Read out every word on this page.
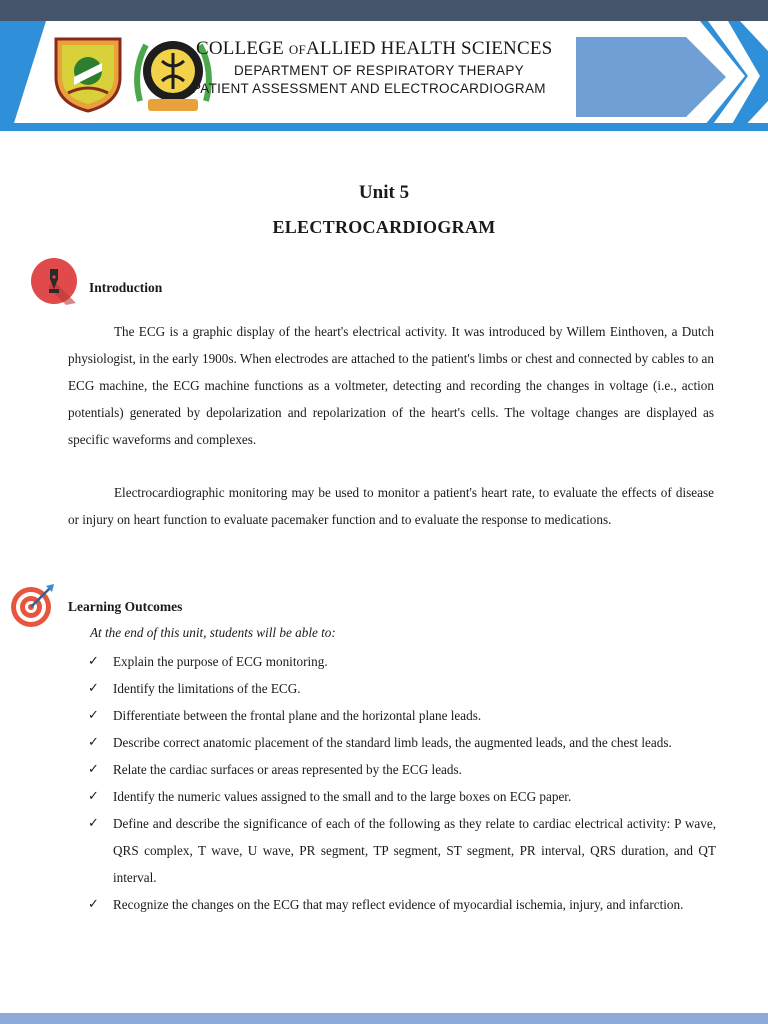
COLLEGE OFALLIED HEALTH SCIENCES
DEPARTMENT OF RESPIRATORY THERAPY
PATIENT ASSESSMENT AND ELECTROCARDIOGRAM
Unit 5
ELECTROCARDIOGRAM
Introduction
The ECG is a graphic display of the heart's electrical activity. It was introduced by Willem Einthoven, a Dutch physiologist, in the early 1900s. When electrodes are attached to the patient's limbs or chest and connected by cables to an ECG machine, the ECG machine functions as a voltmeter, detecting and recording the changes in voltage (i.e., action potentials) generated by depolarization and repolarization of the heart's cells. The voltage changes are displayed as specific waveforms and complexes.
Electrocardiographic monitoring may be used to monitor a patient's heart rate, to evaluate the effects of disease or injury on heart function to evaluate pacemaker function and to evaluate the response to medications.
Learning Outcomes
At the end of this unit, students will be able to:
✓ Explain the purpose of ECG monitoring.
✓ Identify the limitations of the ECG.
✓ Differentiate between the frontal plane and the horizontal plane leads.
✓ Describe correct anatomic placement of the standard limb leads, the augmented leads, and the chest leads.
✓ Relate the cardiac surfaces or areas represented by the ECG leads.
✓ Identify the numeric values assigned to the small and to the large boxes on ECG paper.
✓ Define and describe the significance of each of the following as they relate to cardiac electrical activity: P wave, QRS complex, T wave, U wave, PR segment, TP segment, ST segment, PR interval, QRS duration, and QT interval.
✓ Recognize the changes on the ECG that may reflect evidence of myocardial ischemia, injury, and infarction.
